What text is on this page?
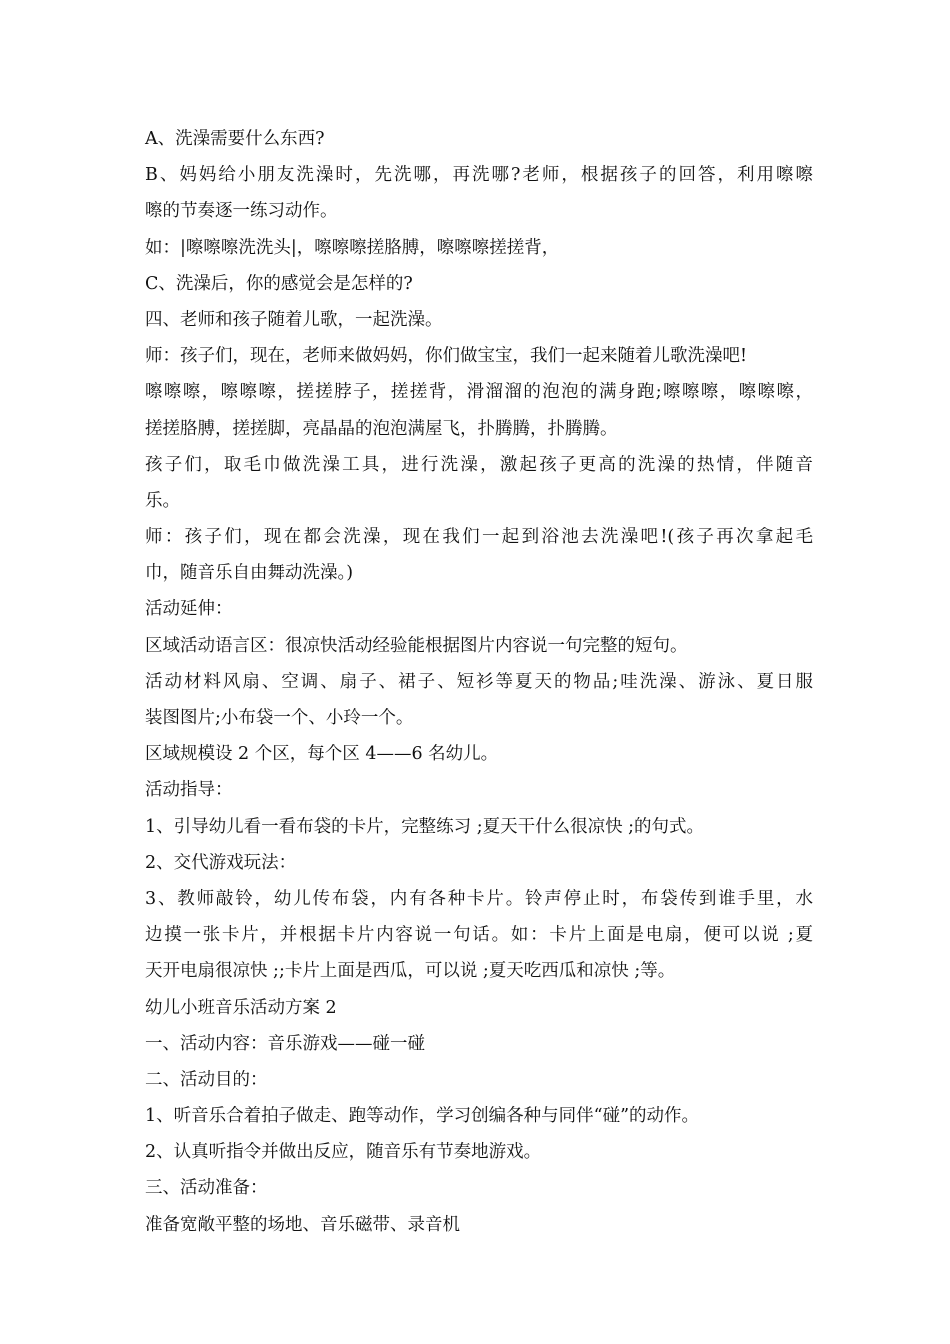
A、洗澡需要什么东西?
B、妈妈给小朋友洗澡时，先洗哪，再洗哪?老师，根据孩子的回答，利用嚓嚓
嚓的节奏逐一练习动作。
如：|嚓嚓嚓洗洗头|，嚓嚓嚓搓胳膊，嚓嚓嚓搓搓背，
C、洗澡后，你的感觉会是怎样的?
四、老师和孩子随着儿歌，一起洗澡。
师：孩子们，现在，老师来做妈妈，你们做宝宝，我们一起来随着儿歌洗澡吧!
嚓嚓嚓，嚓嚓嚓，搓搓脖子，搓搓背，滑溜溜的泡泡的满身跑;嚓嚓嚓，嚓嚓嚓，
搓搓胳膊，搓搓脚，亮晶晶的泡泡满屋飞，扑腾腾，扑腾腾。
孩子们，取毛巾做洗澡工具，进行洗澡，激起孩子更高的洗澡的热情，伴随音
乐。
师：孩子们，现在都会洗澡，现在我们一起到浴池去洗澡吧!(孩子再次拿起毛
巾，随音乐自由舞动洗澡。)
活动延伸：
区域活动语言区：很凉快活动经验能根据图片内容说一句完整的短句。
活动材料风扇、空调、扇子、裙子、短衫等夏天的物品;哇洗澡、游泳、夏日服
装图图片;小布袋一个、小玲一个。
区域规模设 2 个区，每个区 4——6 名幼儿。
活动指导：
1、引导幼儿看一看布袋的卡片，完整练习 ;夏天干什么很凉快 ;的句式。
2、交代游戏玩法：
3、教师敲铃，幼儿传布袋，内有各种卡片。铃声停止时，布袋传到谁手里，水
边摸一张卡片，并根据卡片内容说一句话。如：卡片上面是电扇，便可以说 ;夏
天开电扇很凉快 ;;卡片上面是西瓜，可以说 ;夏天吃西瓜和凉快 ;等。
幼儿小班音乐活动方案 2
一、活动内容：音乐游戏——碰一碰
二、活动目的：
1、听音乐合着拍子做走、跑等动作，学习创编各种与同伴“碰”的动作。
2、认真听指令并做出反应，随音乐有节奏地游戏。
三、活动准备：
准备宽敞平整的场地、音乐磁带、录音机
